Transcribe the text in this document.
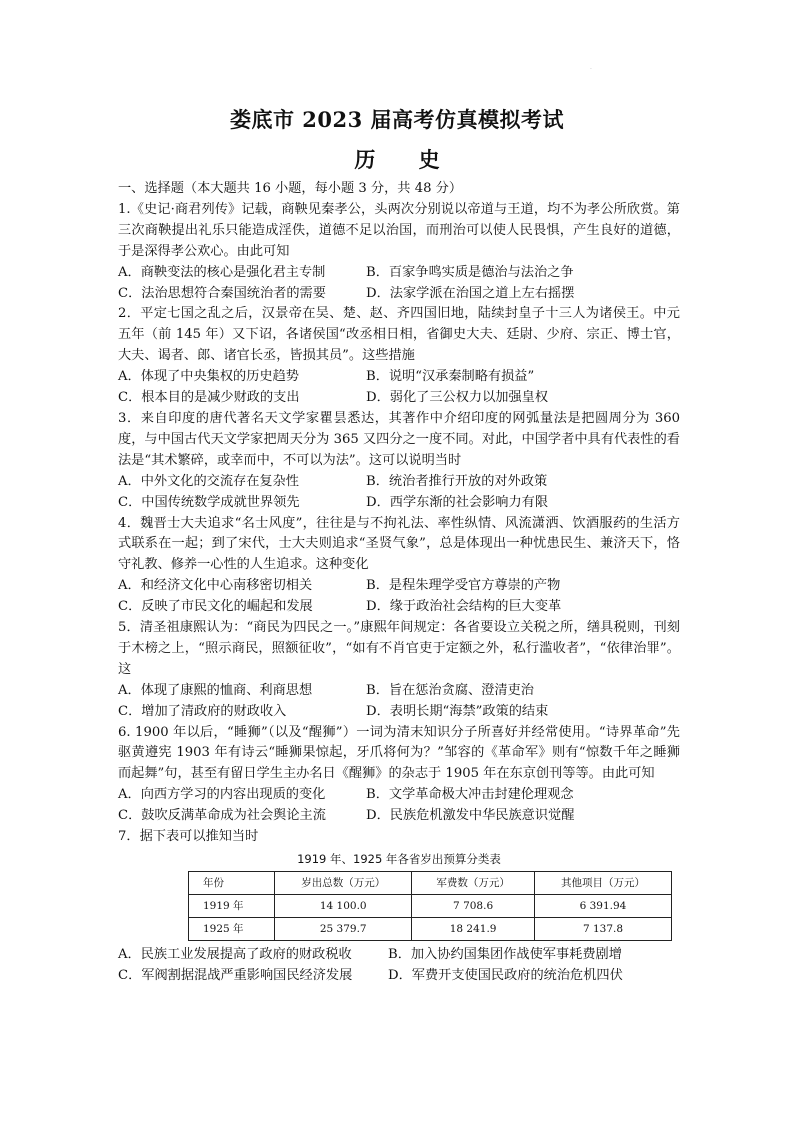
·
娄底市 2023 届高考仿真模拟考试
历 史

一、选择题（本大题共 16 小题，每小题 3 分，共 48 分）

1.《史记·商君列传》记载，商鞅见秦孝公，头两次分别说以帝道与王道，均不为孝公所欣赏。第三次商鞅提出礼乐只能造成淫佚，道德不足以治国，而刑治可以使人民畏惧，产生良好的道德，于是深得孝公欢心。由此可知

A．商鞅变法的核心是强化君主专制	B．百家争鸣实质是德治与法治之争
C．法治思想符合秦国统治者的需要	D．法家学派在治国之道上左右摇摆

2．平定七国之乱之后，汉景帝在吴、楚、赵、齐四国旧地，陆续封皇子十三人为诸侯王。中元五年（前 145 年）又下诏，各诸侯国“改丞相日相，省御史大夫、廷尉、少府、宗正、博士官，大夫、谒者、郎、诸官长丞，皆损其员”。这些措施

A．体现了中央集权的历史趋势	B．说明“汉承秦制略有损益”
C．根本目的是减少财政的支出	D．弱化了三公权力以加强皇权

3．来自印度的唐代著名天文学家瞿昙悉达，其著作中介绍印度的网弧量法是把圆周分为 360 度，与中国古代天文学家把周天分为 365 又四分之一度不同。对此，中国学者中具有代表性的看法是“其术繁碎，或幸而中，不可以为法”。这可以说明当时

A．中外文化的交流存在复杂性	B．统治者推行开放的对外政策
C．中国传统数学成就世界领先	D．西学东渐的社会影响力有限

4．魏晋士大夫追求“名士风度”，往往是与不拘礼法、率性纵情、风流潇洒、饮酒服药的生活方式联系在一起；到了宋代，士大夫则追求“圣贤气象”，总是体现出一种忧患民生、兼济天下，恪守礼教、修养一心性的人生追求。这种变化

A．和经济文化中心南移密切相关	B．是程朱理学受官方尊崇的产物
C．反映了市民文化的崛起和发展	D．缘于政治社会结构的巨大变革

5．清圣祖康熙认为：“商民为四民之一。”康熙年间规定：各省要设立关税之所，缮具税则，刊刻于木榜之上，“照示商民，照额征收”，“如有不肖官吏于定额之外，私行滥收者”，“依律治罪”。这

A．体现了康熙的恤商、利商思想	B．旨在惩治贪腐、澄清吏治
C．增加了清政府的财政收入	D．表明长期“海禁”政策的结束

6. 1900 年以后，“睡狮”（以及“醒狮”）一词为清末知识分子所喜好并经常使用。“诗界革命”先驱黄遵宪 1903 年有诗云“睡狮果惊起，牙爪将何为？”邹容的《革命军》则有“惊数千年之睡狮而起舞”句，甚至有留日学生主办名日《醒狮》的杂志于 1905 年在东京创刊等等。由此可知

A．向西方学习的内容出现质的变化	B．文学革命极大冲击封建伦理观念
C．鼓吹反满革命成为社会舆论主流	D．民族危机激发中华民族意识觉醒

7．据下表可以推知当时

1919 年、1925 年各省岁出预算分类表
年份	岁出总数（万元）	军费数（万元）	其他项目（万元）
1919 年	14 100.0	7 708.6	6 391.94
1925 年	25 379.7	18 241.9	7 137.8
A．民族工业发展提高了政府的财政税收	B．加入协约国集团作战使军事耗费剧增
C．军阀割据混战严重影响国民经济发展	D．军费开支使国民政府的统治危机四伏
